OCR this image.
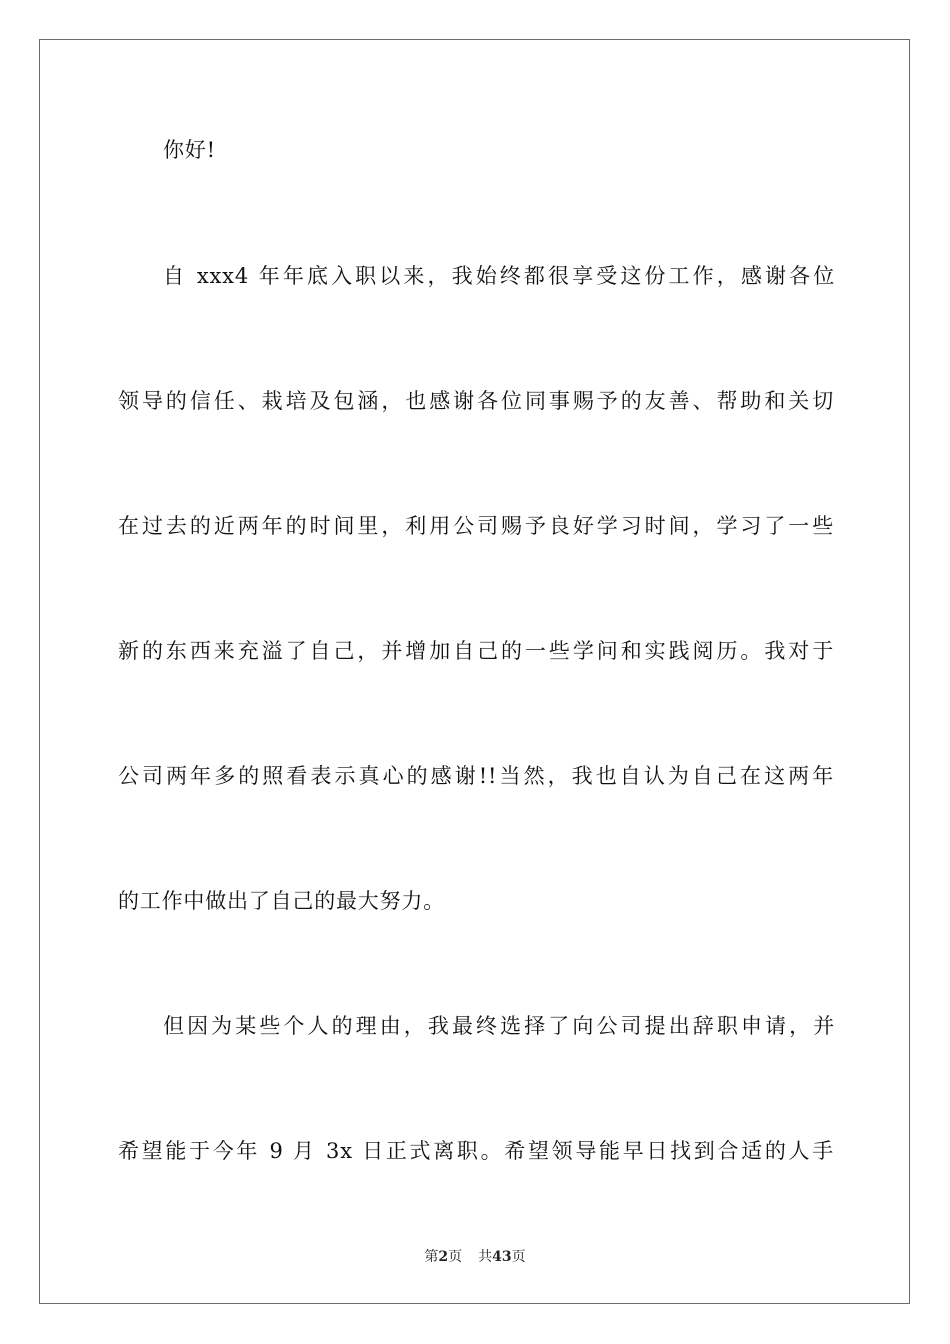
你好!
自 xxx4 年年底入职以来，我始终都很享受这份工作，感谢各位
领导的信任、栽培及包涵，也感谢各位同事赐予的友善、帮助和关切
在过去的近两年的时间里，利用公司赐予良好学习时间，学习了一些
新的东西来充溢了自己，并增加自己的一些学问和实践阅历。我对于
公司两年多的照看表示真心的感谢!!当然，我也自认为自己在这两年
的工作中做出了自己的最大努力。
但因为某些个人的理由，我最终选择了向公司提出辞职申请，并
希望能于今年 9 月 3x 日正式离职。希望领导能早日找到合适的人手
第2页 共43页
